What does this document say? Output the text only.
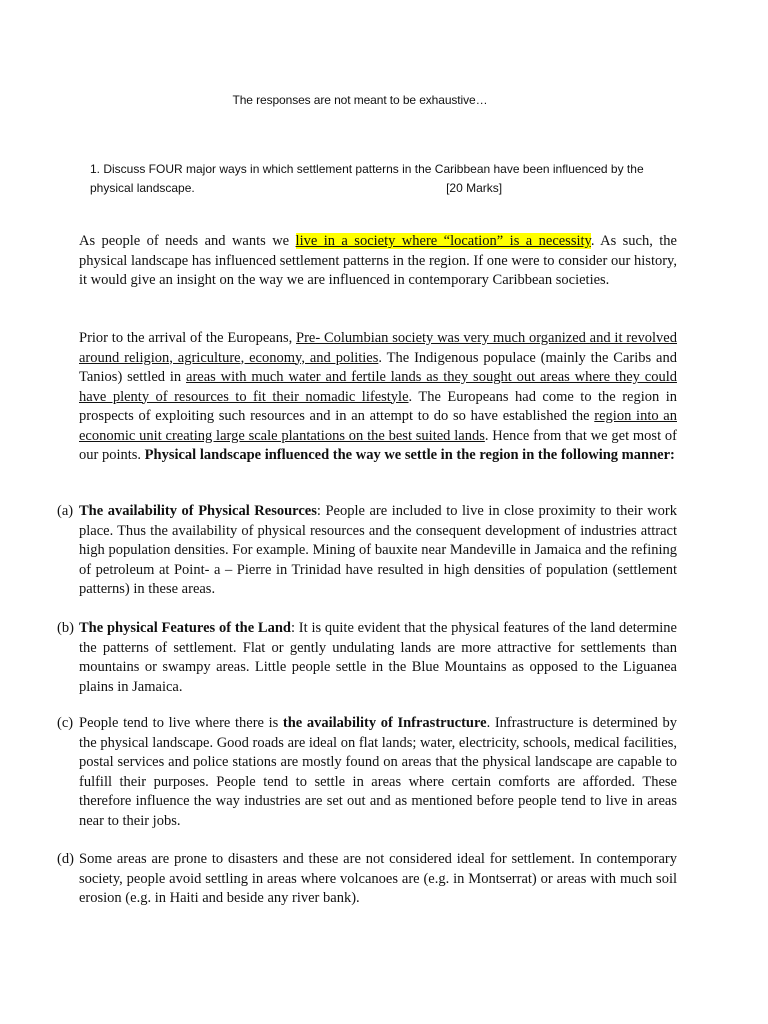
The responses are not meant to be exhaustive…
1. Discuss FOUR major ways in which settlement patterns in the Caribbean have been influenced by the physical landscape.	[20 Marks]
As people of needs and wants we live in a society where “location” is a necessity. As such, the physical landscape has influenced settlement patterns in the region. If one were to consider our history, it would give an insight on the way we are influenced in contemporary Caribbean societies.
Prior to the arrival of the Europeans, Pre- Columbian society was very much organized and it revolved around religion, agriculture, economy, and polities. The Indigenous populace (mainly the Caribs and Tanios) settled in areas with much water and fertile lands as they sought out areas where they could have plenty of resources to fit their nomadic lifestyle. The Europeans had come to the region in prospects of exploiting such resources and in an attempt to do so have established the region into an economic unit creating large scale plantations on the best suited lands. Hence from that we get most of our points. Physical landscape influenced the way we settle in the region in the following manner:
(a) The availability of Physical Resources: People are included to live in close proximity to their work place. Thus the availability of physical resources and the consequent development of industries attract high population densities. For example. Mining of bauxite near Mandeville in Jamaica and the refining of petroleum at Point- a – Pierre in Trinidad have resulted in high densities of population (settlement patterns) in these areas.
(b) The physical Features of the Land: It is quite evident that the physical features of the land determine the patterns of settlement. Flat or gently undulating lands are more attractive for settlements than mountains or swampy areas. Little people settle in the Blue Mountains as opposed to the Liguanea plains in Jamaica.
(c) People tend to live where there is the availability of Infrastructure. Infrastructure is determined by the physical landscape. Good roads are ideal on flat lands; water, electricity, schools, medical facilities, postal services and police stations are mostly found on areas that the physical landscape are capable to fulfill their purposes. People tend to settle in areas where certain comforts are afforded. These therefore influence the way industries are set out and as mentioned before people tend to live in areas near to their jobs.
(d) Some areas are prone to disasters and these are not considered ideal for settlement. In contemporary society, people avoid settling in areas where volcanoes are (e.g. in Montserrat) or areas with much soil erosion (e.g. in Haiti and beside any river bank).
